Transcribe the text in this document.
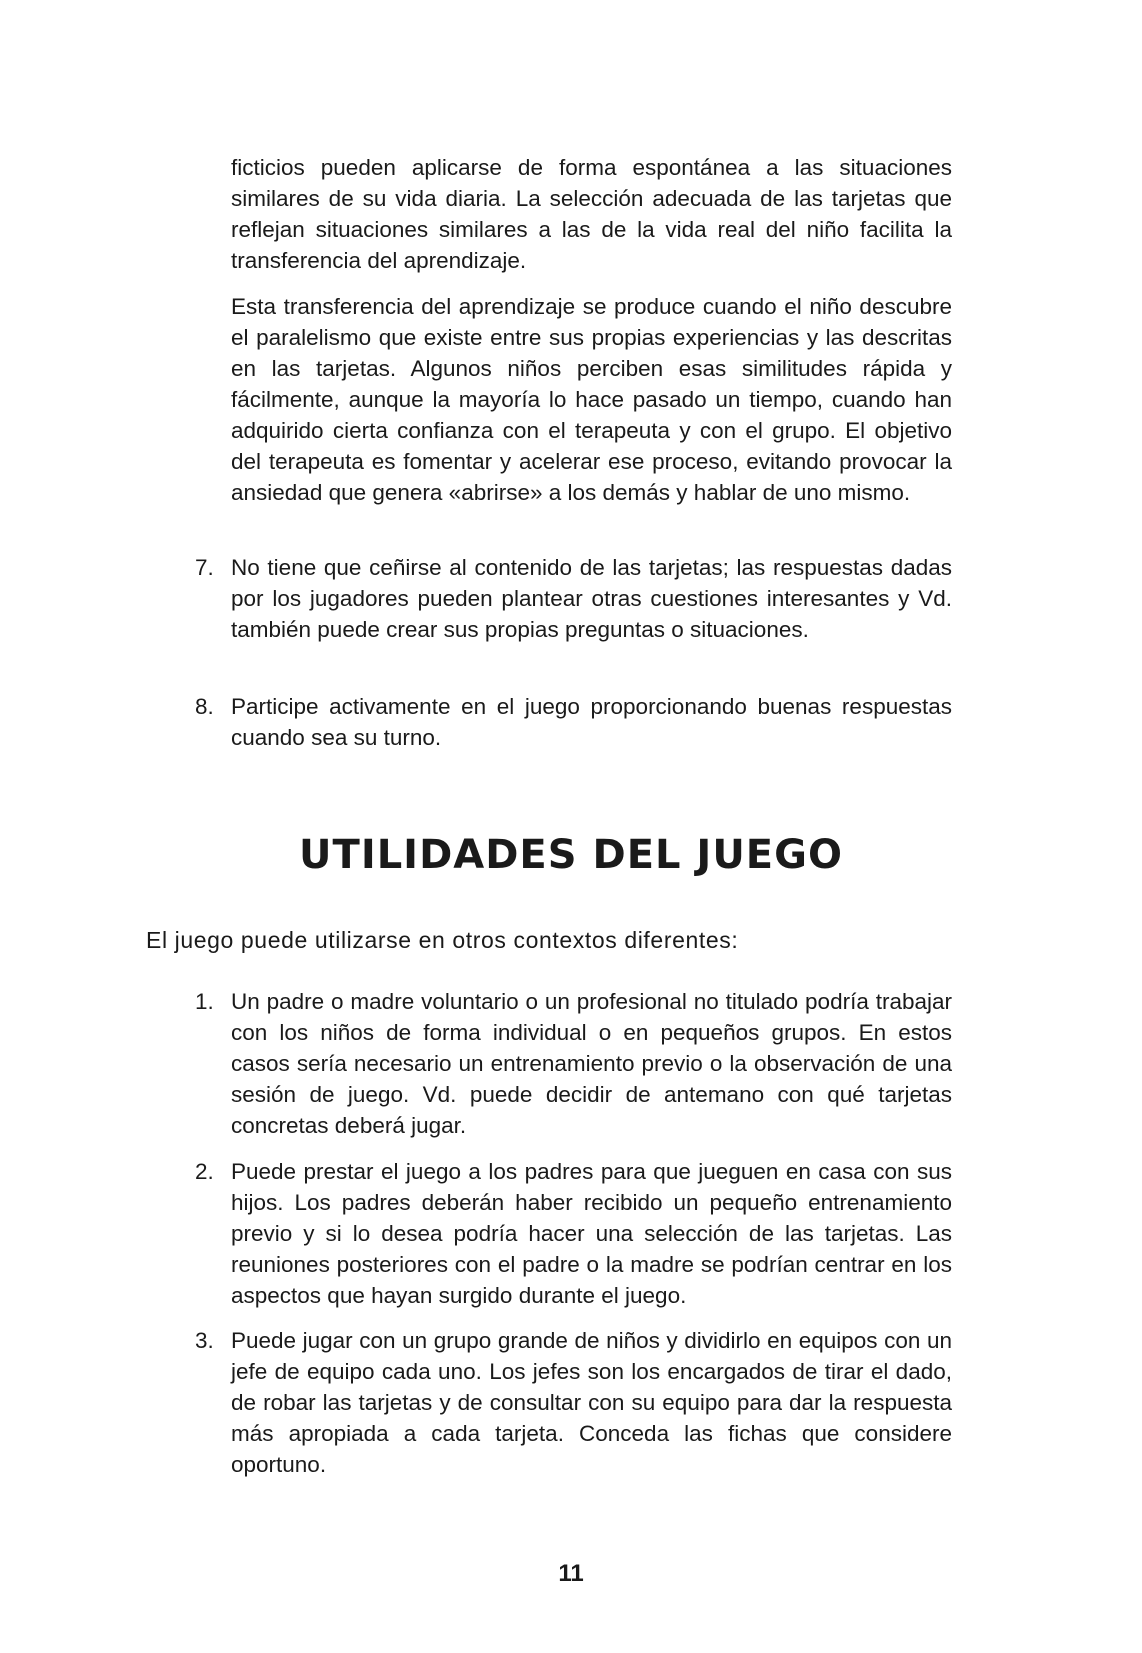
ficticios pueden aplicarse de forma espontánea a las situaciones similares de su vida diaria. La selección adecuada de las tarjetas que reflejan situaciones similares a las de la vida real del niño facilita la transferencia del aprendizaje.

Esta transferencia del aprendizaje se produce cuando el niño descubre el paralelismo que existe entre sus propias experiencias y las descritas en las tarjetas. Algunos niños perciben esas similitudes rápida y fácilmente, aunque la mayoría lo hace pasado un tiempo, cuando han adquirido cierta confianza con el terapeuta y con el grupo. El objetivo del terapeuta es fomentar y acelerar ese proceso, evitando provocar la ansiedad que genera «abrirse» a los demás y hablar de uno mismo.

7. No tiene que ceñirse al contenido de las tarjetas; las respuestas dadas por los jugadores pueden plantear otras cuestiones interesantes y Vd. también puede crear sus propias preguntas o situaciones.
8. Participe activamente en el juego proporcionando buenas respuestas cuando sea su turno.
UTILIDADES DEL JUEGO

El juego puede utilizarse en otros contextos diferentes:

1. Un padre o madre voluntario o un profesional no titulado podría trabajar con los niños de forma individual o en pequeños grupos. En estos casos sería necesario un entrenamiento previo o la observación de una sesión de juego. Vd. puede decidir de antemano con qué tarjetas concretas deberá jugar.
2. Puede prestar el juego a los padres para que jueguen en casa con sus hijos. Los padres deberán haber recibido un pequeño entrenamiento previo y si lo desea podría hacer una selección de las tarjetas. Las reuniones posteriores con el padre o la madre se podrían centrar en los aspectos que hayan surgido durante el juego.
3. Puede jugar con un grupo grande de niños y dividirlo en equipos con un jefe de equipo cada uno. Los jefes son los encargados de tirar el dado, de robar las tarjetas y de consultar con su equipo para dar la respuesta más apropiada a cada tarjeta. Conceda las fichas que considere oportuno.
11
